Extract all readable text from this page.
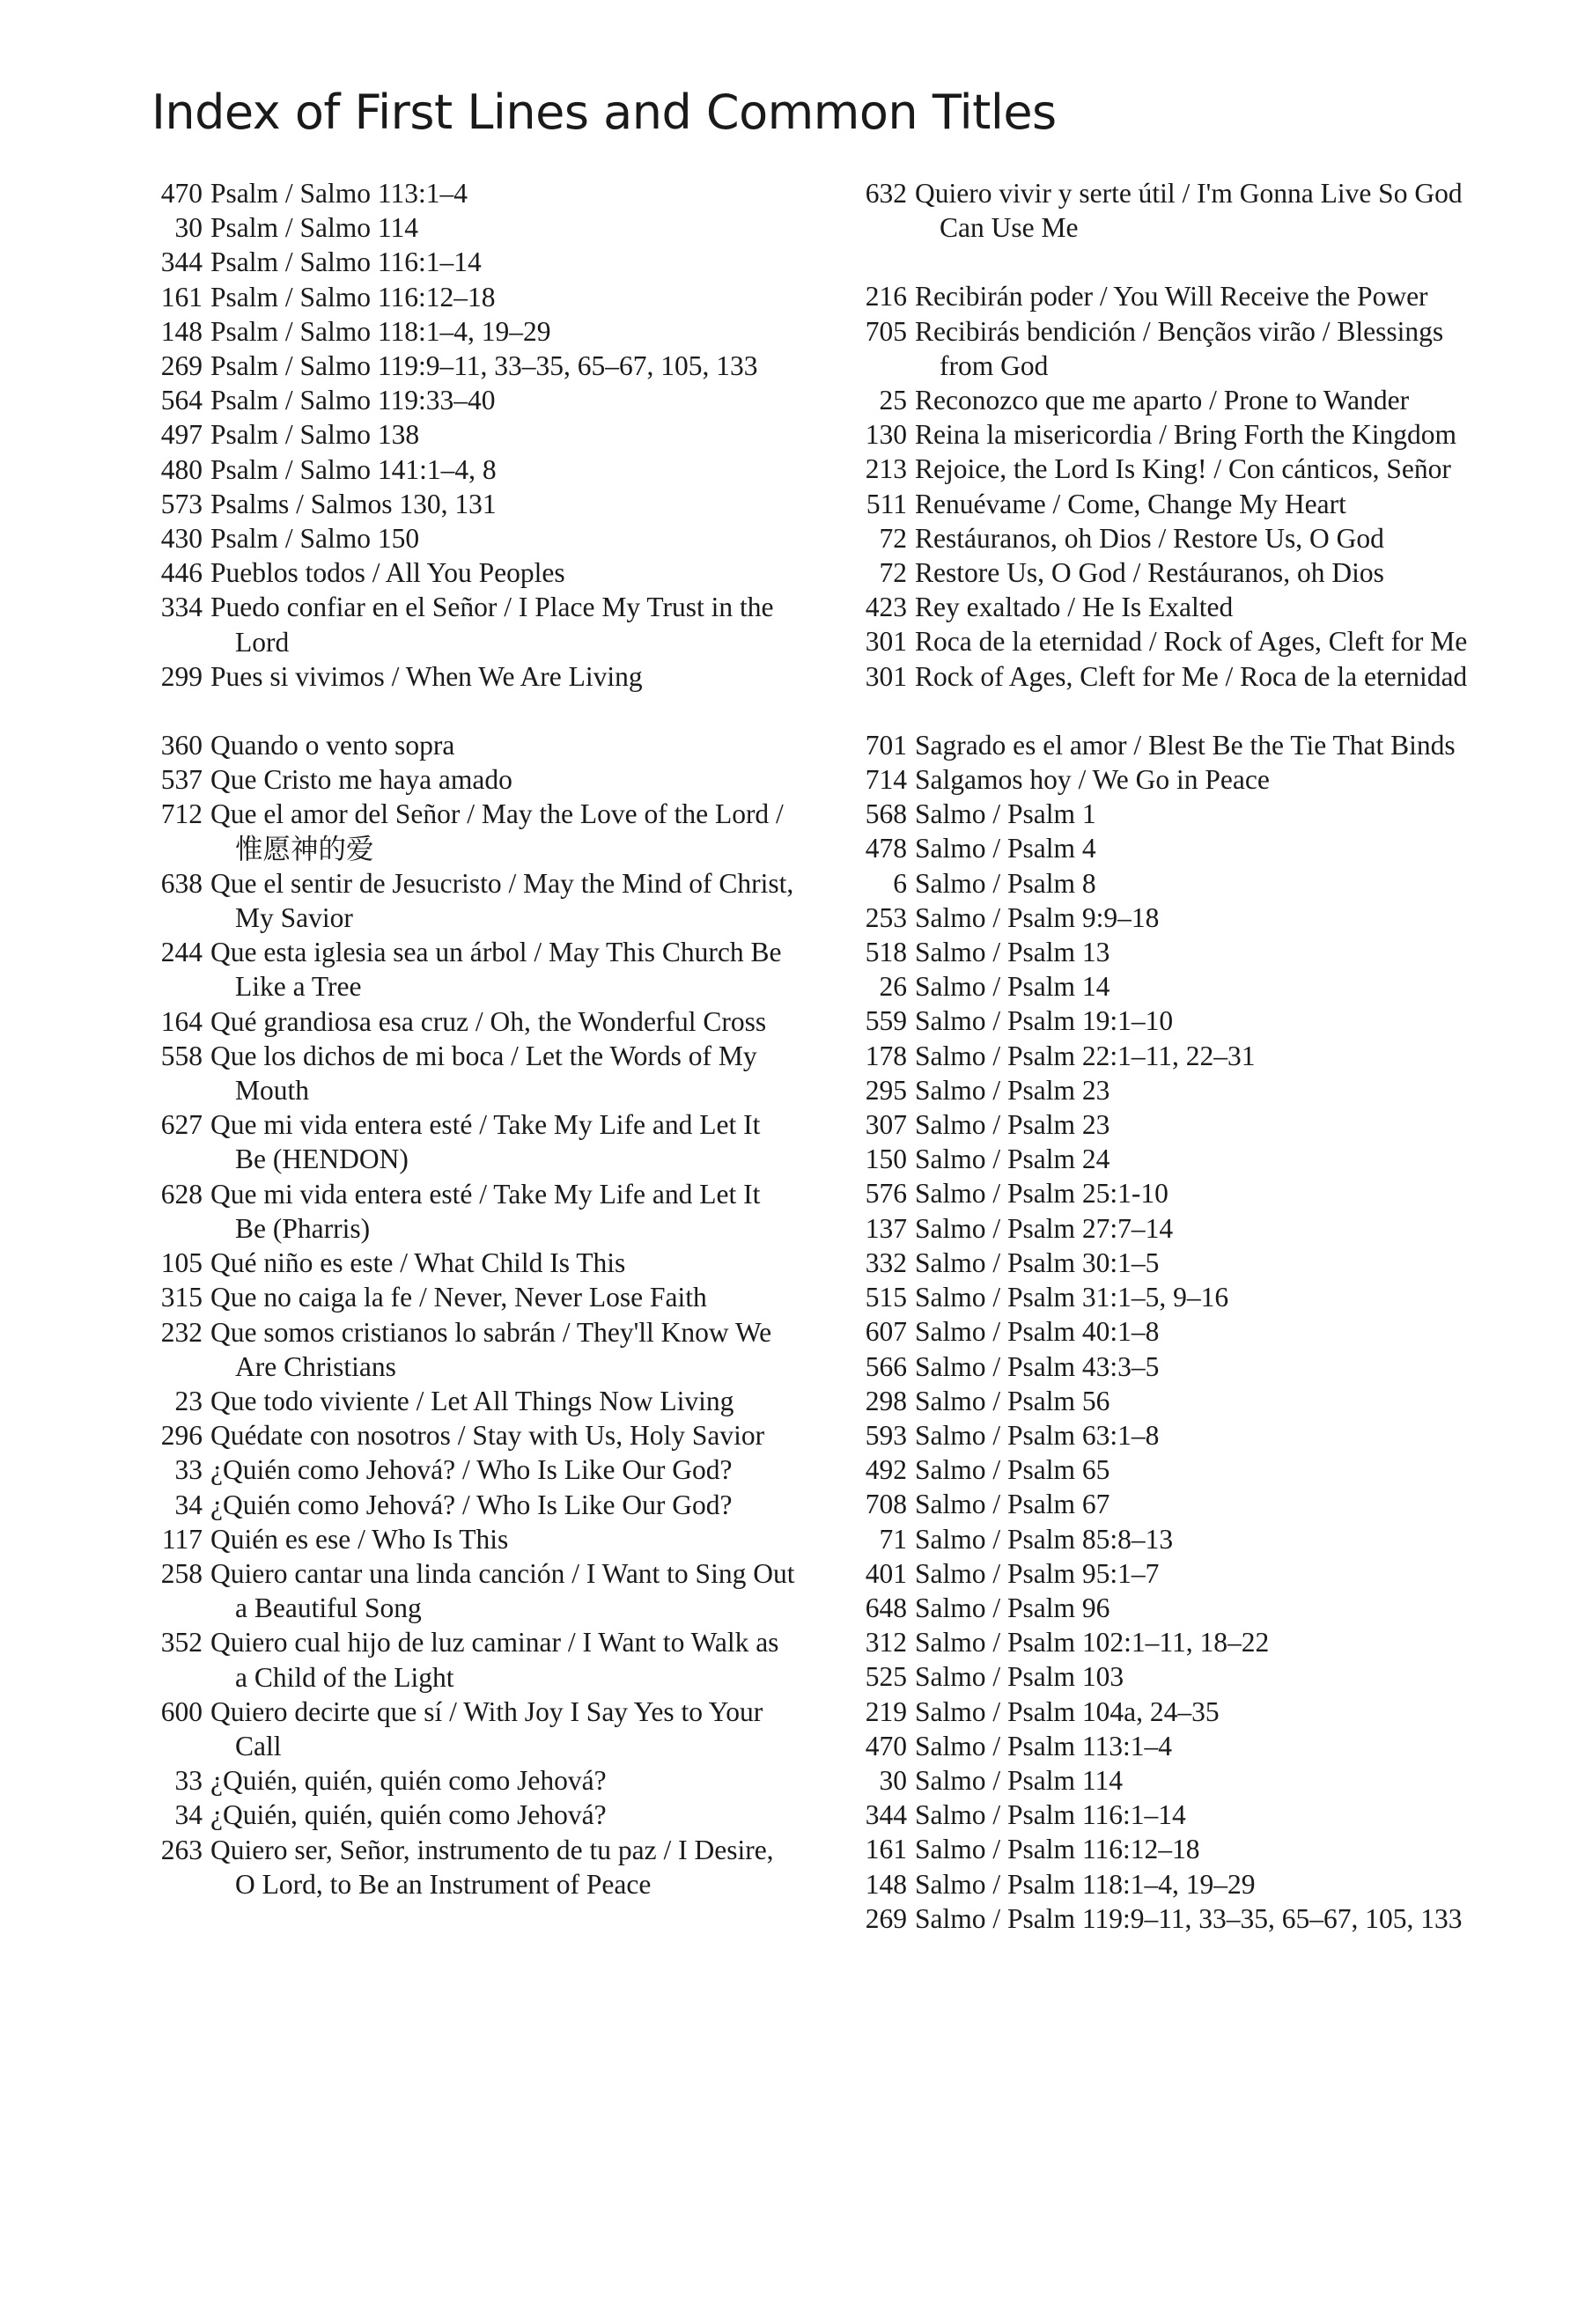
Index of First Lines and Common Titles
470 Psalm / Salmo 113:1–4
30 Psalm / Salmo 114
344 Psalm / Salmo 116:1–14
161 Psalm / Salmo 116:12–18
148 Psalm / Salmo 118:1–4, 19–29
269 Psalm / Salmo 119:9–11, 33–35, 65–67, 105, 133
564 Psalm / Salmo 119:33–40
497 Psalm / Salmo 138
480 Psalm / Salmo 141:1–4, 8
573 Psalms / Salmos 130, 131
430 Psalm / Salmo 150
446 Pueblos todos / All You Peoples
334 Puedo confiar en el Señor / I Place My Trust in the Lord
299 Pues si vivimos / When We Are Living
360 Quando o vento sopra
537 Que Cristo me haya amado
712 Que el amor del Señor / May the Love of the Lord / 惟愿神的爱
638 Que el sentir de Jesucristo / May the Mind of Christ, My Savior
244 Que esta iglesia sea un árbol / May This Church Be Like a Tree
164 Qué grandiosa esa cruz / Oh, the Wonderful Cross
558 Que los dichos de mi boca / Let the Words of My Mouth
627 Que mi vida entera esté / Take My Life and Let It Be (HENDON)
628 Que mi vida entera esté / Take My Life and Let It Be (Pharris)
105 Qué niño es este / What Child Is This
315 Que no caiga la fe / Never, Never Lose Faith
232 Que somos cristianos lo sabrán / They'll Know We Are Christians
23 Que todo viviente / Let All Things Now Living
296 Quédate con nosotros / Stay with Us, Holy Savior
33 ¿Quién como Jehová? / Who Is Like Our God?
34 ¿Quién como Jehová? / Who Is Like Our God?
117 Quién es ese / Who Is This
258 Quiero cantar una linda canción / I Want to Sing Out a Beautiful Song
352 Quiero cual hijo de luz caminar / I Want to Walk as a Child of the Light
600 Quiero decirte que sí / With Joy I Say Yes to Your Call
33 ¿Quién, quién, quién como Jehová?
34 ¿Quién, quién, quién como Jehová?
263 Quiero ser, Señor, instrumento de tu paz / I Desire, O Lord, to Be an Instrument of Peace
632 Quiero vivir y serte útil / I'm Gonna Live So God Can Use Me
216 Recibirán poder / You Will Receive the Power
705 Recibirás bendición / Bençãos virão / Blessings from God
25 Reconozco que me aparto / Prone to Wander
130 Reina la misericordia / Bring Forth the Kingdom
213 Rejoice, the Lord Is King! / Con cánticos, Señor
511 Renuévame / Come, Change My Heart
72 Restáuranos, oh Dios / Restore Us, O God
72 Restore Us, O God / Restáuranos, oh Dios
423 Rey exaltado / He Is Exalted
301 Roca de la eternidad / Rock of Ages, Cleft for Me
301 Rock of Ages, Cleft for Me / Roca de la eternidad
701 Sagrado es el amor / Blest Be the Tie That Binds
714 Salgamos hoy / We Go in Peace
568 Salmo / Psalm 1
478 Salmo / Psalm 4
6 Salmo / Psalm 8
253 Salmo / Psalm 9:9–18
518 Salmo / Psalm 13
26 Salmo / Psalm 14
559 Salmo / Psalm 19:1–10
178 Salmo / Psalm 22:1–11, 22–31
295 Salmo / Psalm 23
307 Salmo / Psalm 23
150 Salmo / Psalm 24
576 Salmo / Psalm 25:1-10
137 Salmo / Psalm 27:7–14
332 Salmo / Psalm 30:1–5
515 Salmo / Psalm 31:1–5, 9–16
607 Salmo / Psalm 40:1–8
566 Salmo / Psalm 43:3–5
298 Salmo / Psalm 56
593 Salmo / Psalm 63:1–8
492 Salmo / Psalm 65
708 Salmo / Psalm 67
71 Salmo / Psalm 85:8–13
401 Salmo / Psalm 95:1–7
648 Salmo / Psalm 96
312 Salmo / Psalm 102:1–11, 18–22
525 Salmo / Psalm 103
219 Salmo / Psalm 104a, 24–35
470 Salmo / Psalm 113:1–4
30 Salmo / Psalm 114
344 Salmo / Psalm 116:1–14
161 Salmo / Psalm 116:12–18
148 Salmo / Psalm 118:1–4, 19–29
269 Salmo / Psalm 119:9–11, 33–35, 65–67, 105, 133
